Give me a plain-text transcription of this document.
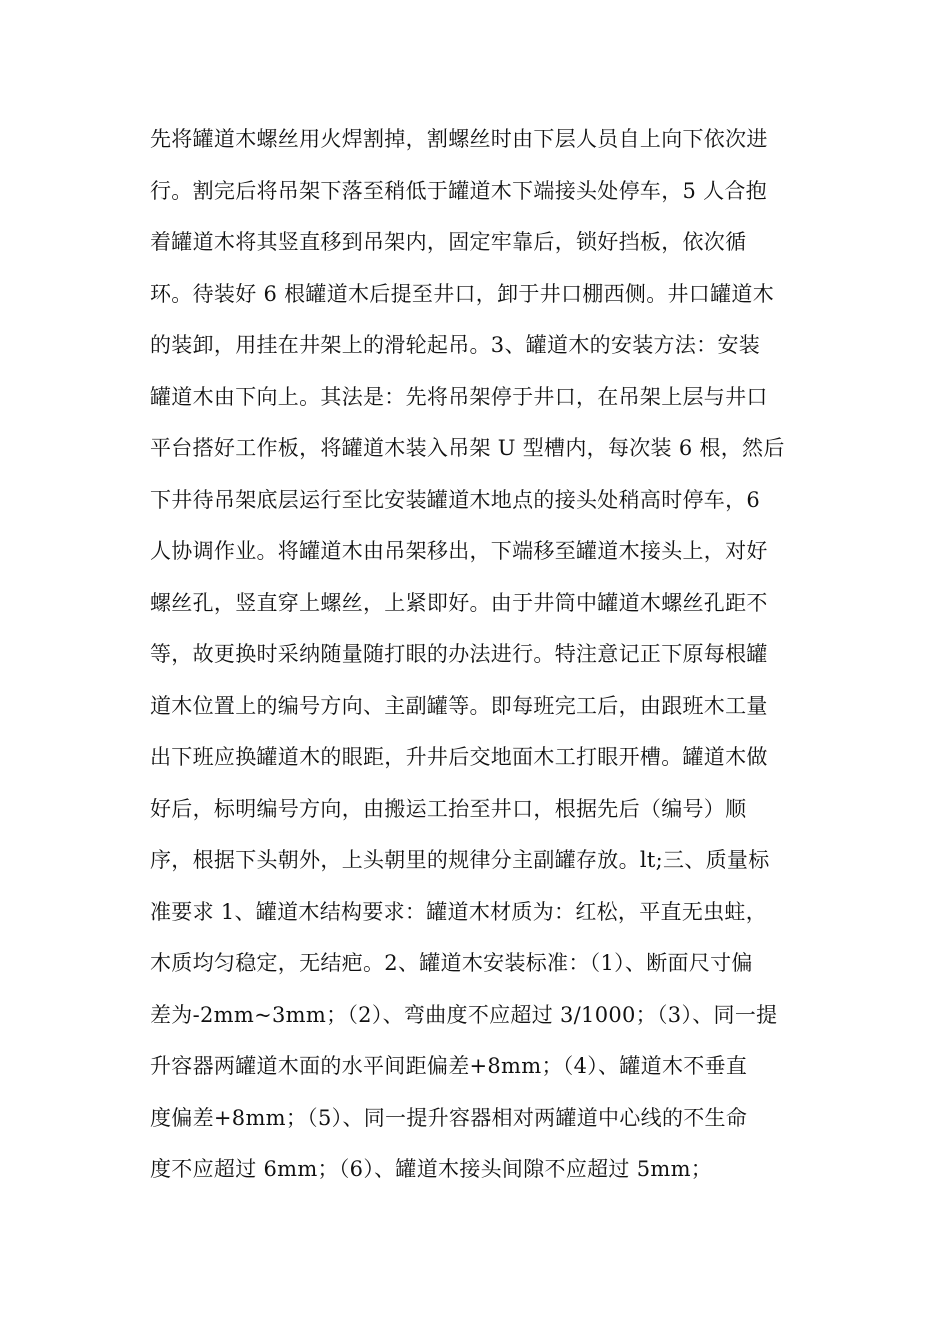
先将罐道木螺丝用火焊割掉，割螺丝时由下层人员自上向下依次进
行。割完后将吊架下落至稍低于罐道木下端接头处停车，5 人合抱
着罐道木将其竖直移到吊架内，固定牢靠后，锁好挡板，依次循
环。待装好 6 根罐道木后提至井口，卸于井口棚西侧。井口罐道木
的装卸，用挂在井架上的滑轮起吊。3、罐道木的安装方法：安装
罐道木由下向上。其法是：先将吊架停于井口，在吊架上层与井口
平台搭好工作板，将罐道木装入吊架 U 型槽内，每次装 6 根，然后
下井待吊架底层运行至比安装罐道木地点的接头处稍高时停车，6
人协调作业。将罐道木由吊架移出，下端移至罐道木接头上，对好
螺丝孔，竖直穿上螺丝，上紧即好。由于井筒中罐道木螺丝孔距不
等，故更换时采纳随量随打眼的办法进行。特注意记正下原每根罐
道木位置上的编号方向、主副罐等。即每班完工后，由跟班木工量
出下班应换罐道木的眼距，升井后交地面木工打眼开槽。罐道木做
好后，标明编号方向，由搬运工抬至井口，根据先后（编号）顺
序，根据下头朝外，上头朝里的规律分主副罐存放。lt;三、质量标
准要求 1、罐道木结构要求：罐道木材质为：红松，平直无虫蛀，
木质均匀稳定，无结疤。2、罐道木安装标准：（1）、断面尺寸偏
差为-2mm~3mm；（2）、弯曲度不应超过 3/1000；（3）、同一提
升容器两罐道木面的水平间距偏差+8mm；（4）、罐道木不垂直
度偏差+8mm；（5）、同一提升容器相对两罐道中心线的不生命
度不应超过 6mm；（6）、罐道木接头间隙不应超过 5mm；
